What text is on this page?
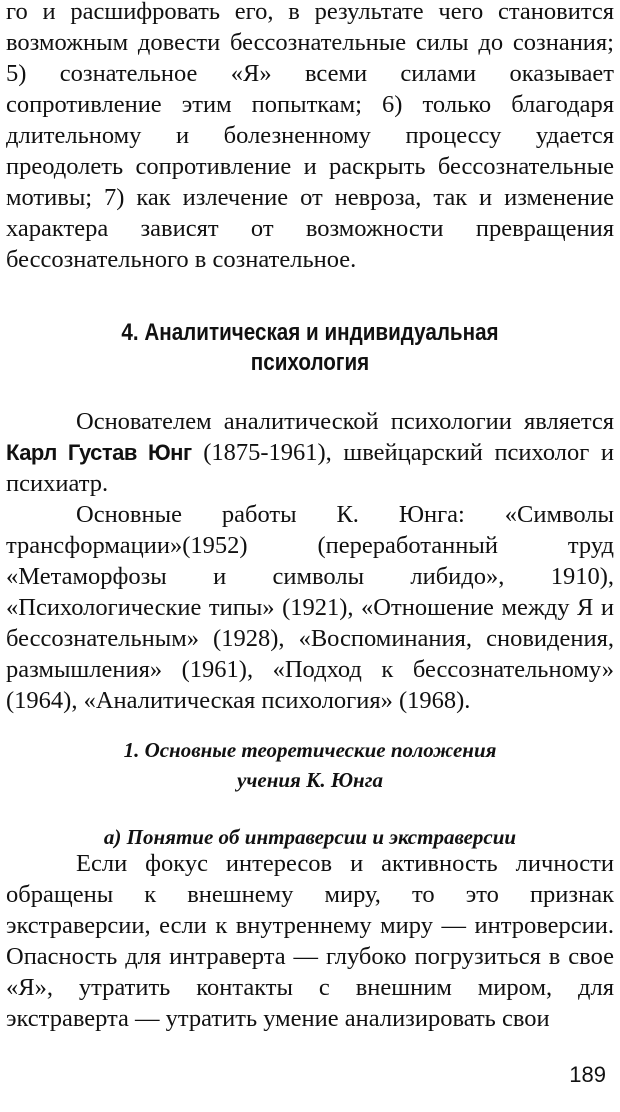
го и расшифровать его, в результате чего становится возможным довести бессознательные силы до сознания; 5) сознательное «Я» всеми силами оказывает сопротивление этим попыткам; 6) только благодаря длительному и болезненному процессу удается преодолеть сопротивление и раскрыть бессознательные мотивы; 7) как излечение от невроза, так и изменение характера зависят от возможности превращения бессознательного в сознательное.

4. Аналитическая и индивидуальная
психология

Основателем аналитической психологии является Карл Густав Юнг (1875-1961), швейцарский психолог и психиатр.

Основные работы К. Юнга: «Символы трансформации»(1952) (переработанный труд «Метаморфозы и символы либидо», 1910), «Психологические типы» (1921), «Отношение между Я и бессознательным» (1928), «Воспоминания, сновидения, размышления» (1961), «Подход к бессознательному» (1964), «Аналитическая психология» (1968).

1. Основные теоретические положения
учения К. Юнга
а) Понятие об интраверсии и экстраверсии

Если фокус интересов и активность личности обращены к внешнему миру, то это признак экстраверсии, если к внутреннему миру — интроверсии. Опасность для интраверта — глубоко погрузиться в свое «Я», утратить контакты с внешним миром, для экстраверта — утратить умение анализировать свои

189
